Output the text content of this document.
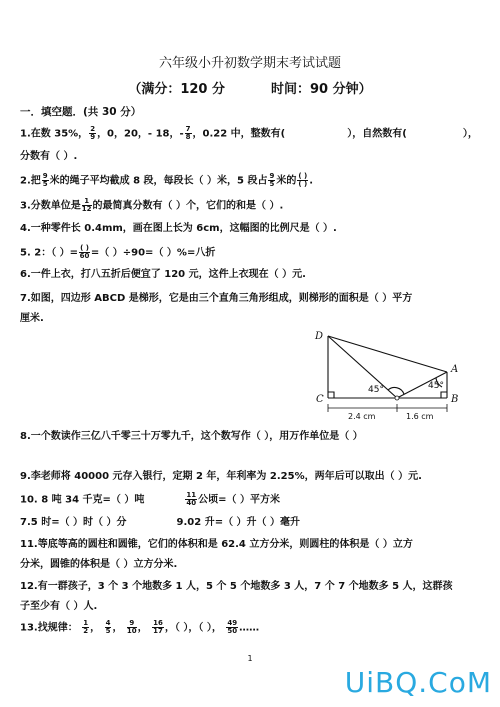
六年级小升初数学期末考试试题
（满分：120 分	时间：90 分钟）
一．填空题．(共 30 分）
1.在数 35%， $\frac{2}{9}$ ，0，20，- 18，- $\frac{7}{8}$ ，0.22 中，整数有(	），自然数有(	），
分数有（ ）.
2.把 $\frac{9}{5}$ 米的绳子平均截成 8 段，每段长（ ）米，5 段占 $\frac{9}{5}$ 米的 $\frac{( )}{( )}$ .
3.分数单位是 $\frac{1}{12}$ 的最简真分数有（ ）个，它们的和是（ ）.
4.一种零件长 0.4mm，画在图上长为 6cm，这幅图的比例尺是（ ）.
5. 2：（ ）= $\frac{( )}{60}$ =（ ）÷90=（ ）%=八折
6.一件上衣，打八五折后便宜了 120 元，这件上衣现在（ ）元.
7.如图，四边形 ABCD 是梯形，它是由三个直角三角形组成，则梯形的面积是（ ）平方
厘米.
D
A
C	B
45°	45°
2.4 cm	1.6 cm
8.一个数读作三亿八千零三十万零九千，这个数写作（ ），用万作单位是（ ）
9.李老师将 40000 元存入银行，定期 2 年，年利率为 2.25%，两年后可以取出（ ）元.
10. 8 吨 34 千克=（ ）吨	$\frac{11}{40}$ 公顷=（ ）平方米
7.5 时=（ ）时（ ）分	9.02 升=（ ）升（ ）毫升
11.等底等高的圆柱和圆锥，它们的体积和是 62.4 立方分米，则圆柱的体积是（ ）立方
分米，圆锥的体积是（ ）立方分米.
12.有一群孩子，3 个 3 个地数多 1 人，5 个 5 个地数多 3 人，7 个 7 个地数多 5 人，这群孩
子至少有（ ）人.
13.找规律： $\frac{1}{2}$ ， $\frac{4}{5}$ ， $\frac{9}{10}$ ， $\frac{16}{17}$ ，（ ），（ ）， $\frac{49}{50}$ ……
1
UiBQ.CoM
